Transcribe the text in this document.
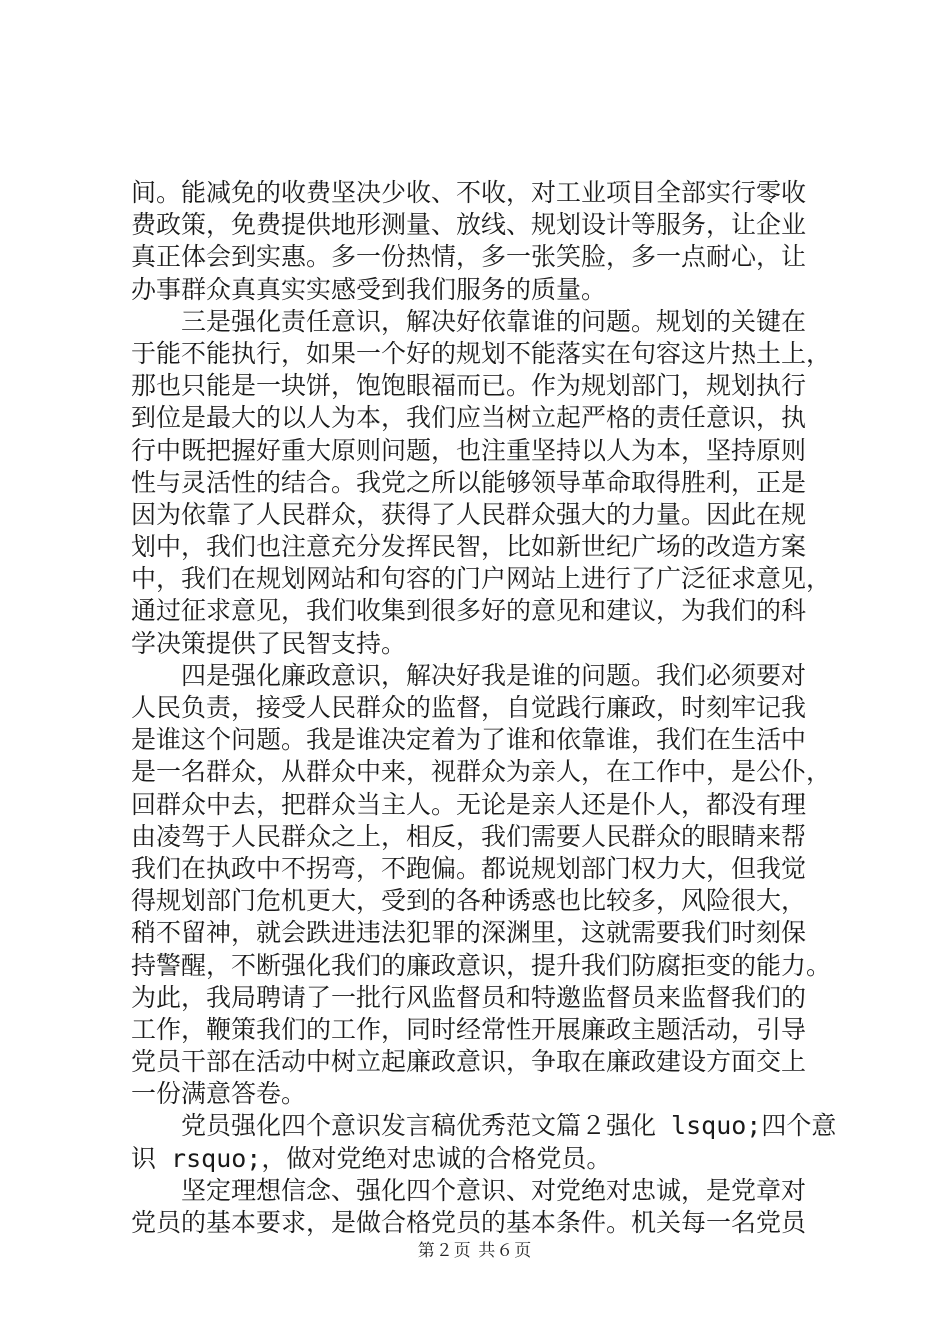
间。能减免的收费坚决少收、不收，对工业项目全部实行零收
费政策，免费提供地形测量、放线、规划设计等服务，让企业
真正体会到实惠。多一份热情，多一张笑脸，多一点耐心，让
办事群众真真实实感受到我们服务的质量。
三是强化责任意识，解决好依靠谁的问题。规划的关键在
于能不能执行，如果一个好的规划不能落实在句容这片热土上，
那也只能是一块饼，饱饱眼福而已。作为规划部门，规划执行
到位是最大的以人为本，我们应当树立起严格的责任意识，执
行中既把握好重大原则问题，也注重坚持以人为本，坚持原则
性与灵活性的结合。我党之所以能够领导革命取得胜利，正是
因为依靠了人民群众，获得了人民群众强大的力量。因此在规
划中，我们也注意充分发挥民智，比如新世纪广场的改造方案
中，我们在规划网站和句容的门户网站上进行了广泛征求意见，
通过征求意见，我们收集到很多好的意见和建议，为我们的科
学决策提供了民智支持。
四是强化廉政意识，解决好我是谁的问题。我们必须要对
人民负责，接受人民群众的监督，自觉践行廉政，时刻牢记我
是谁这个问题。我是谁决定着为了谁和依靠谁，我们在生活中
是一名群众，从群众中来，视群众为亲人，在工作中，是公仆，
回群众中去，把群众当主人。无论是亲人还是仆人，都没有理
由凌驾于人民群众之上，相反，我们需要人民群众的眼睛来帮
我们在执政中不拐弯，不跑偏。都说规划部门权力大，但我觉
得规划部门危机更大，受到的各种诱惑也比较多，风险很大，
稍不留神，就会跌进违法犯罪的深渊里，这就需要我们时刻保
持警醒，不断强化我们的廉政意识，提升我们防腐拒变的能力。
为此，我局聘请了一批行风监督员和特邀监督员来监督我们的
工作，鞭策我们的工作，同时经常性开展廉政主题活动，引导
党员干部在活动中树立起廉政意识，争取在廉政建设方面交上
一份满意答卷。
党员强化四个意识发言稿优秀范文篇２强化 lsquo;四个意
识 rsquo;，做对党绝对忠诚的合格党员。
坚定理想信念、强化四个意识、对党绝对忠诚，是党章对
党员的基本要求，是做合格党员的基本条件。机关每一名党员
第２页 共６页
